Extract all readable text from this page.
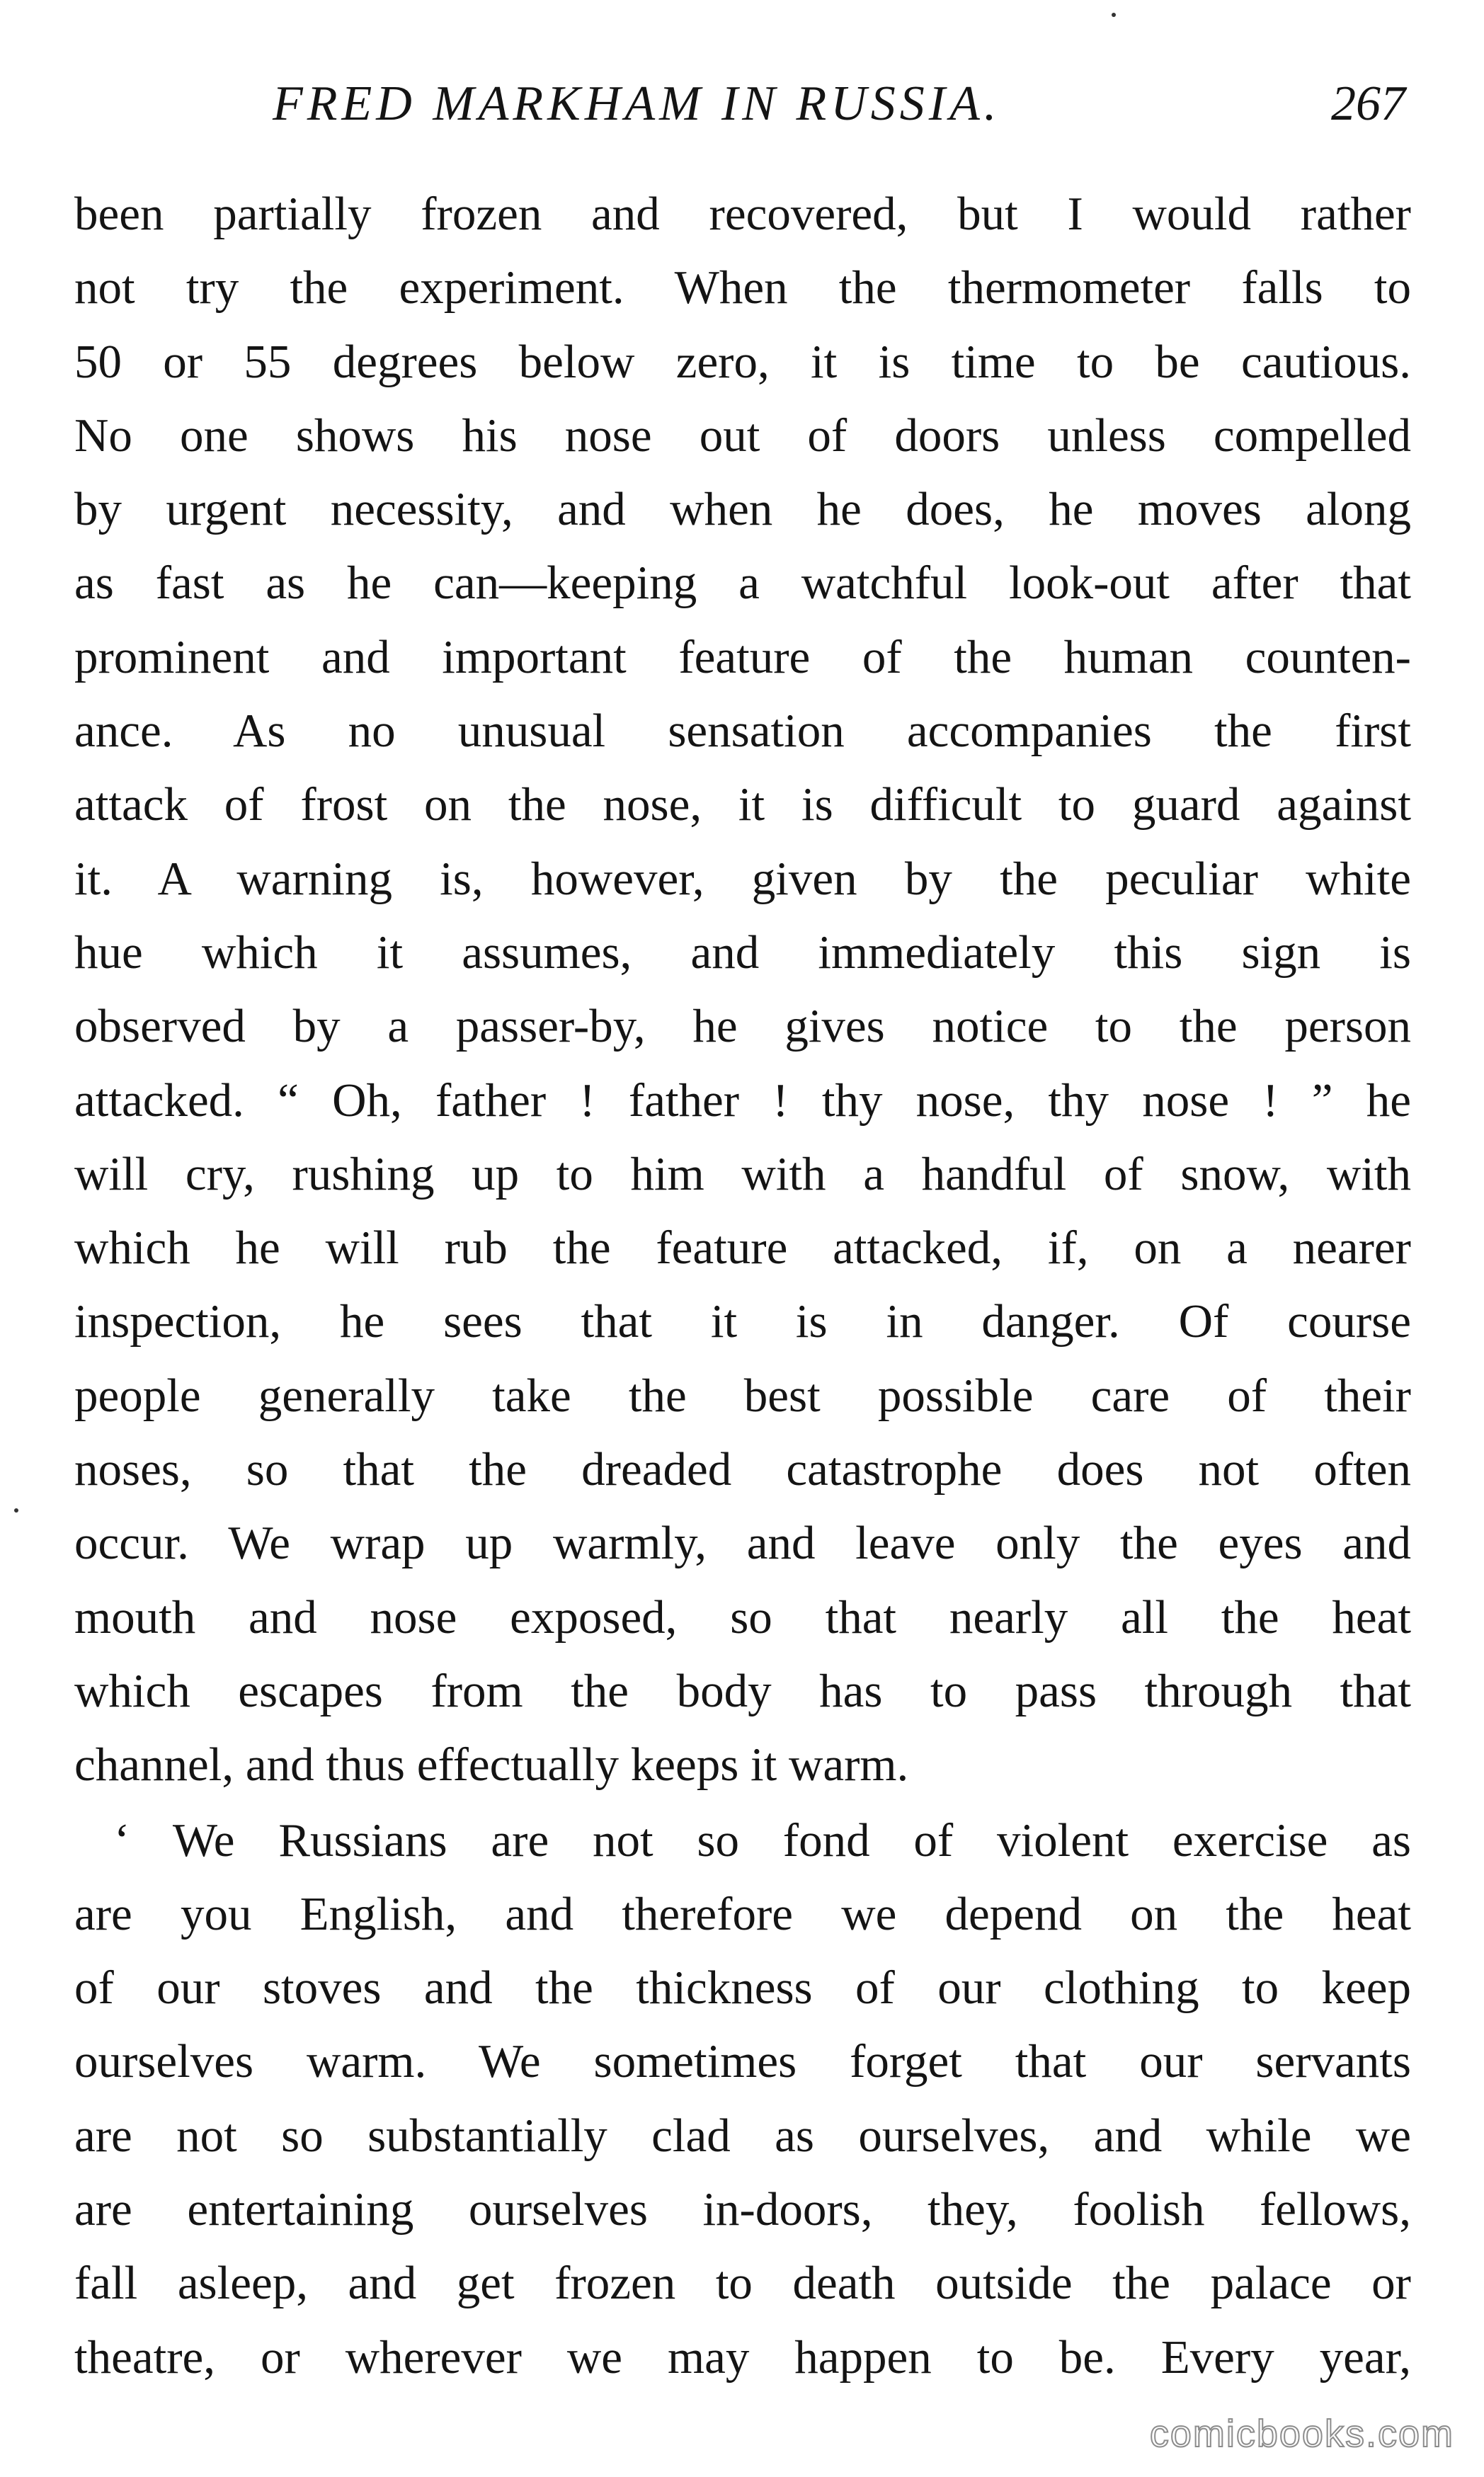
FRED MARKHAM IN RUSSIA.	267
been partially frozen and recovered, but I would rather
not try the experiment. When the thermometer falls to
50 or 55 degrees below zero, it is time to be cautious.
No one shows his nose out of doors unless compelled
by urgent necessity, and when he does, he moves along
as fast as he can—keeping a watchful look-out after that
prominent and important feature of the human counten-
ance. As no unusual sensation accompanies the first
attack of frost on the nose, it is difficult to guard against
it. A warning is, however, given by the peculiar white
hue which it assumes, and immediately this sign is
observed by a passer-by, he gives notice to the person
attacked. “ Oh, father ! father ! thy nose, thy nose ! ” he
will cry, rushing up to him with a handful of snow, with
which he will rub the feature attacked, if, on a nearer
inspection, he sees that it is in danger. Of course
people generally take the best possible care of their
noses, so that the dreaded catastrophe does not often
occur. We wrap up warmly, and leave only the eyes and
mouth and nose exposed, so that nearly all the heat
which escapes from the body has to pass through that
channel, and thus effectually keeps it warm.
‘ We Russians are not so fond of violent exercise as
are you English, and therefore we depend on the heat
of our stoves and the thickness of our clothing to keep
ourselves warm. We sometimes forget that our servants
are not so substantially clad as ourselves, and while we
are entertaining ourselves in-doors, they, foolish fellows,
fall asleep, and get frozen to death outside the palace or
theatre, or wherever we may happen to be. Every year,
comicbooks.com
